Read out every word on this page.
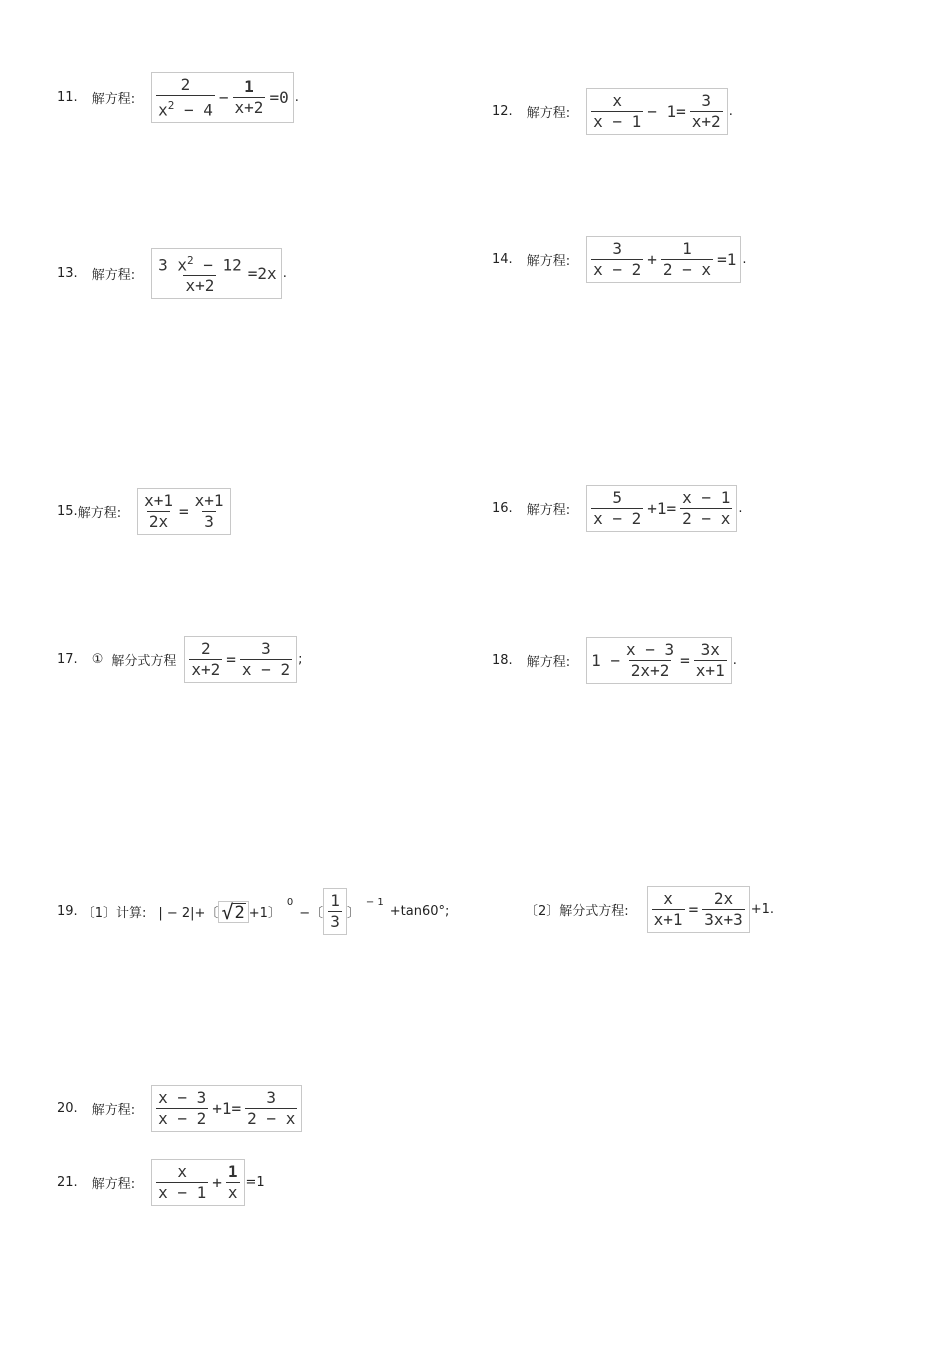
11. 解方程: $\frac{2}{x^2 - 4} - \frac{1}{x+2} =0$ .
12. 解方程: $\frac{x}{x - 1} - 1= \frac{3}{x+2}$ .
13. 解方程: $\frac{3 x^2 - 12}{x+2} =2x$ .
14. 解方程: $\frac{3}{x - 2} + \frac{1}{2 - x} =1$ .
15. 解方程: $\frac{x+1}{2x} = \frac{x+1}{3}$	16. 解方程: $\frac{5}{x - 2} +1= \frac{x - 1}{2 - x}$ .
17. ① 解分式方程 $\frac{2}{x+2} = \frac{3}{x - 2}$ ;	18. 解方程: $1 - \frac{x - 3}{2x+2} = \frac{3x}{x+1}$ .
19. 〔1〕计算: | − 2|+〔 √ 2 +1〕
0
−〔 $\frac{1}{3}$ 〕
− 1
+tan60°;	〔2〕解分式方程: $\frac{x}{x+1} = \frac{2x}{3x+3} +1$.
20. 解方程: $\frac{x - 3}{x - 2} +1= \frac{3}{2 - x}$
21. 解方程: $\frac{x}{x - 1} + \frac{1}{x} =1$
